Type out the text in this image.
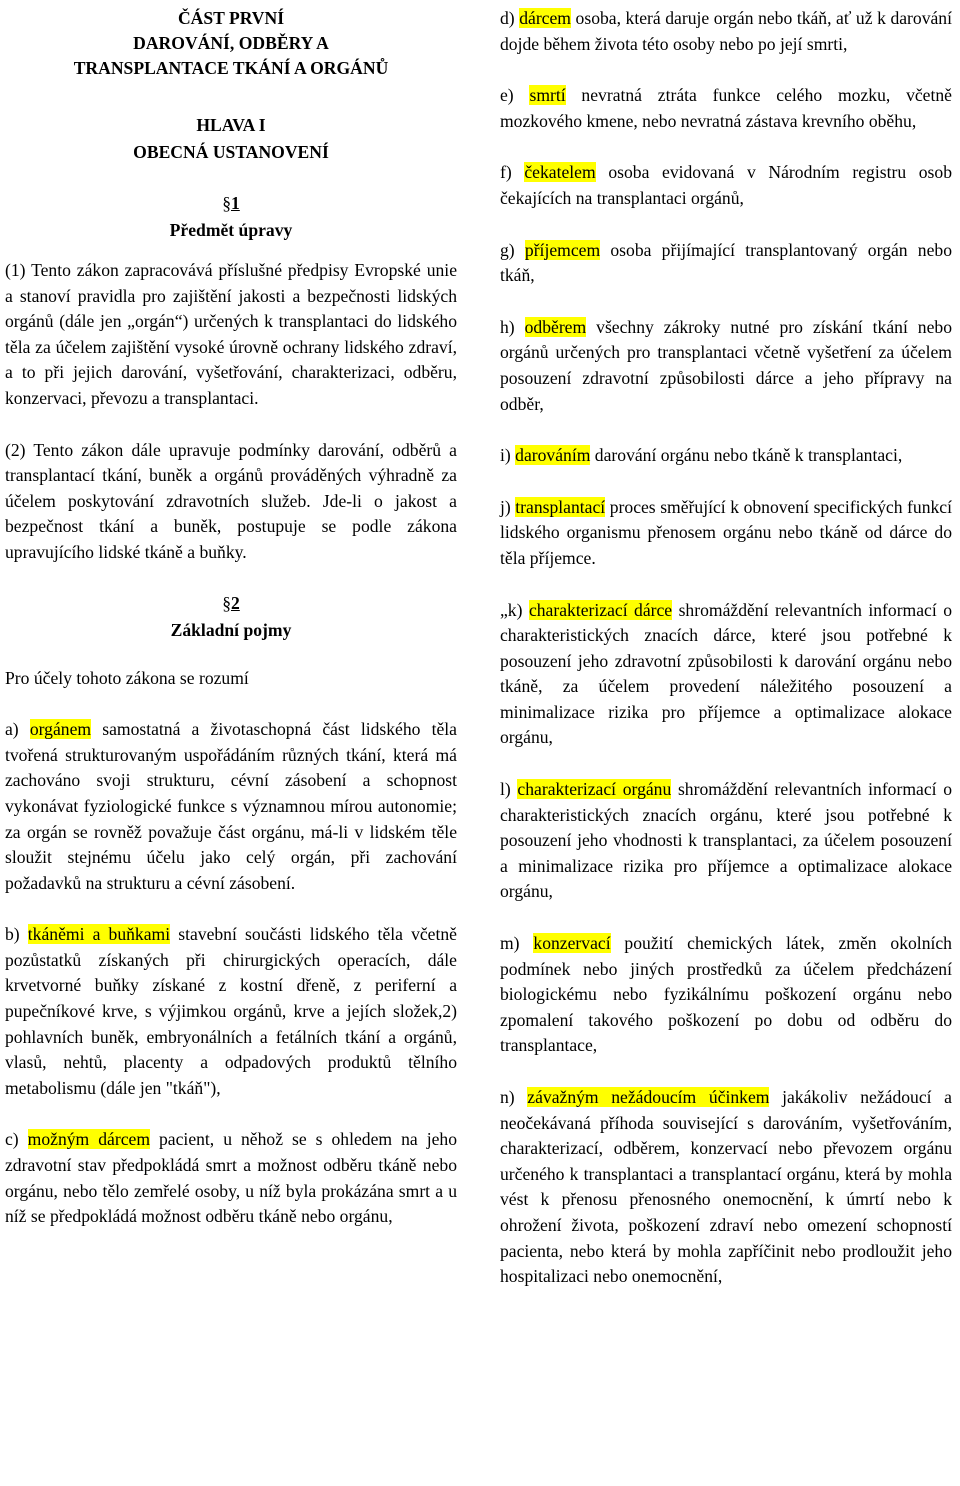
ČÁST PRVNÍ
DAROVÁNÍ, ODBĚRY A
TRANSPLANTACE TKÁNÍ A ORGÁNŮ
HLAVA I
OBECNÁ USTANOVENÍ
§1
Předmět úpravy

(1) Tento zákon zapracovává příslušné předpisy Evropské unie a stanoví pravidla pro zajištění jakosti a bezpečnosti lidských orgánů (dále jen „orgán“) určených k transplantaci do lidského těla za účelem zajištění vysoké úrovně ochrany lidského zdraví, a to při jejich darování, vyšetřování, charakterizaci, odběru, konzervaci, převozu a transplantaci.

(2) Tento zákon dále upravuje podmínky darování, odběrů a transplantací tkání, buněk a orgánů prováděných výhradně za účelem poskytování zdravotních služeb. Jde-li o jakost a bezpečnost tkání a buněk, postupuje se podle zákona upravujícího lidské tkáně a buňky.

§2
Základní pojmy

Pro účely tohoto zákona se rozumí

a) orgánem samostatná a životaschopná část lidského těla tvořená strukturovaným uspořádáním různých tkání, která má zachováno svoji strukturu, cévní zásobení a schopnost vykonávat fyziologické funkce s významnou mírou autonomie; za orgán se rovněž považuje část orgánu, má-li v lidském těle sloužit stejnému účelu jako celý orgán, při zachování požadavků na strukturu a cévní zásobení.

b) tkáněmi a buňkami stavební součásti lidského těla včetně pozůstatků získaných při chirurgických operacích, dále krvetvorné buňky získané z kostní dřeně, z periferní a pupečníkové krve, s výjimkou orgánů, krve a jejích složek,2) pohlavních buněk, embryonálních a fetálních tkání a orgánů, vlasů, nehtů, placenty a odpadových produktů tělního metabolismu (dále jen "tkáň"),

c) možným dárcem pacient, u něhož se s ohledem na jeho zdravotní stav předpokládá smrt a možnost odběru tkáně nebo orgánu, nebo tělo zemřelé osoby, u níž byla prokázána smrt a u níž se předpokládá možnost odběru tkáně nebo orgánu,

d) dárcem osoba, která daruje orgán nebo tkáň, ať už k darování dojde během života této osoby nebo po její smrti,

e) smrtí nevratná ztráta funkce celého mozku, včetně mozkového kmene, nebo nevratná zástava krevního oběhu,

f) čekatelem osoba evidovaná v Národním registru osob čekajících na transplantaci orgánů,

g) příjemcem osoba přijímající transplantovaný orgán nebo tkáň,

h) odběrem všechny zákroky nutné pro získání tkání nebo orgánů určených pro transplantaci včetně vyšetření za účelem posouzení zdravotní způsobilosti dárce a jeho přípravy na odběr,

i) darováním darování orgánu nebo tkáně k transplantaci,

j) transplantací proces směřující k obnovení specifických funkcí lidského organismu přenosem orgánu nebo tkáně od dárce do těla příjemce.

„k) charakterizací dárce shromáždění relevantních informací o charakteristických znacích dárce, které jsou potřebné k posouzení jeho zdravotní způsobilosti k darování orgánu nebo tkáně, za účelem provedení náležitého posouzení a minimalizace rizika pro příjemce a optimalizace alokace orgánu,

l) charakterizací orgánu shromáždění relevantních informací o charakteristických znacích orgánu, které jsou potřebné k posouzení jeho vhodnosti k transplantaci, za účelem posouzení a minimalizace rizika pro příjemce a optimalizace alokace orgánu,

m) konzervací použití chemických látek, změn okolních podmínek nebo jiných prostředků za účelem předcházení biologickému nebo fyzikálnímu poškození orgánu nebo zpomalení takového poškození po dobu od odběru do transplantace,

n) závažným nežádoucím účinkem jakákoliv nežádoucí a neočekávaná příhoda související s darováním, vyšetřováním, charakterizací, odběrem, konzervací nebo převozem orgánu určeného k transplantaci a transplantací orgánu, která by mohla vést k přenosu přenosného onemocnění, k úmrtí nebo k ohrožení života, poškození zdraví nebo omezení schopností pacienta, nebo která by mohla zapříčinit nebo prodloužit jeho hospitalizaci nebo onemocnění,
